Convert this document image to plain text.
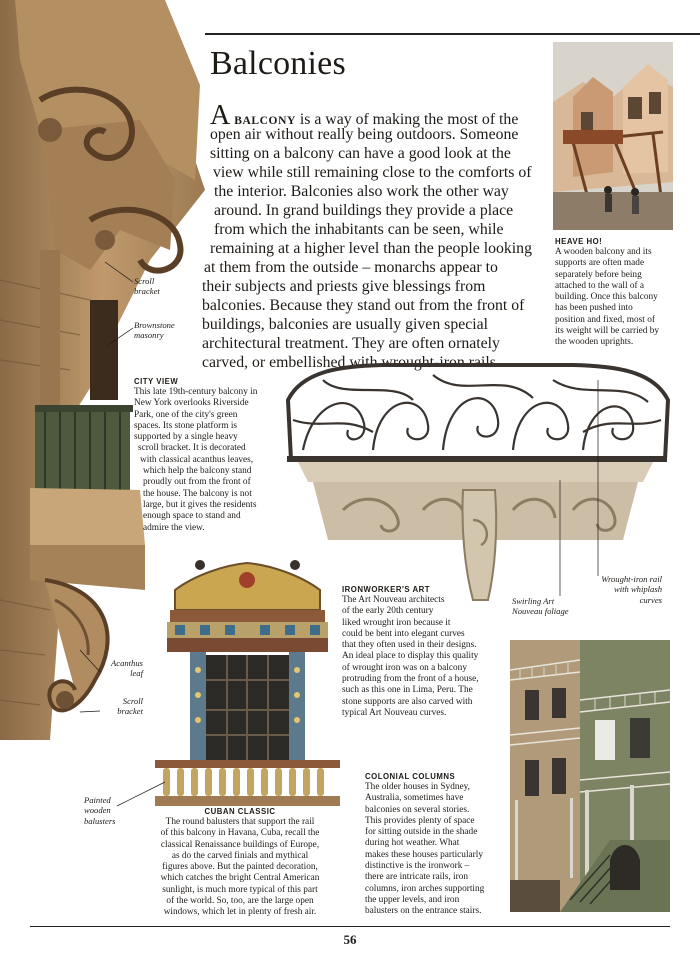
Balconies
A BALCONY is a way of making the most of the
open air without really being outdoors. Someone
sitting on a balcony can have a good look at the
view while still remaining close to the comforts of
the interior. Balconies also work the other way
around. In grand buildings they provide a place
from which the inhabitants can be seen, while
remaining at a higher level than the people looking
at them from the outside – monarchs appear to
their subjects and priests give blessings from
balconies. Because they stand out from the front of
buildings, balconies are usually given special
architectural treatment. They are often ornately
carved, or embellished with wrought-iron rails.
HEAVE HO!
A wooden balcony and its
supports are often made
separately before being
attached to the wall of a
building. Once this balcony
has been pushed into
position and fixed, most of
its weight will be carried by
the wooden uprights.
Scroll
bracket
Brownstone
masonry
CITY VIEW
This late 19th-century balcony in
New York overlooks Riverside
Park, one of the city's green
spaces. Its stone platform is
supported by a single heavy
scroll bracket. It is decorated
with classical acanthus leaves,
which help the balcony stand
proudly out from the front of
the house. The balcony is not
large, but it gives the residents
enough space to stand and
admire the view.
IRONWORKER'S ART
The Art Nouveau architects
of the early 20th century
liked wrought iron because it
could be bent into elegant curves
that they often used in their designs.
An ideal place to display this quality
of wrought iron was on a balcony
protruding from the front of a house,
such as this one in Lima, Peru. The
stone supports are also carved with
typical Art Nouveau curves.
Swirling Art
Nouveau foliage
Wrought-iron rail
with whiplash
curves
Acanthus
leaf
Scroll
bracket
Painted
wooden
balusters
CUBAN CLASSIC
The round balusters that support the rail
of this balcony in Havana, Cuba, recall the
classical Renaissance buildings of Europe,
as do the carved finials and mythical
figures above. But the painted decoration,
which catches the bright Central American
sunlight, is much more typical of this part
of the world. So, too, are the large open
windows, which let in plenty of fresh air.
COLONIAL COLUMNS
The older houses in Sydney,
Australia, sometimes have
balconies on several stories.
This provides plenty of space
for sitting outside in the shade
during hot weather. What
makes these houses particularly
distinctive is the ironwork –
there are intricate rails, iron
columns, iron arches supporting
the upper levels, and iron
balusters on the entrance stairs.
56
